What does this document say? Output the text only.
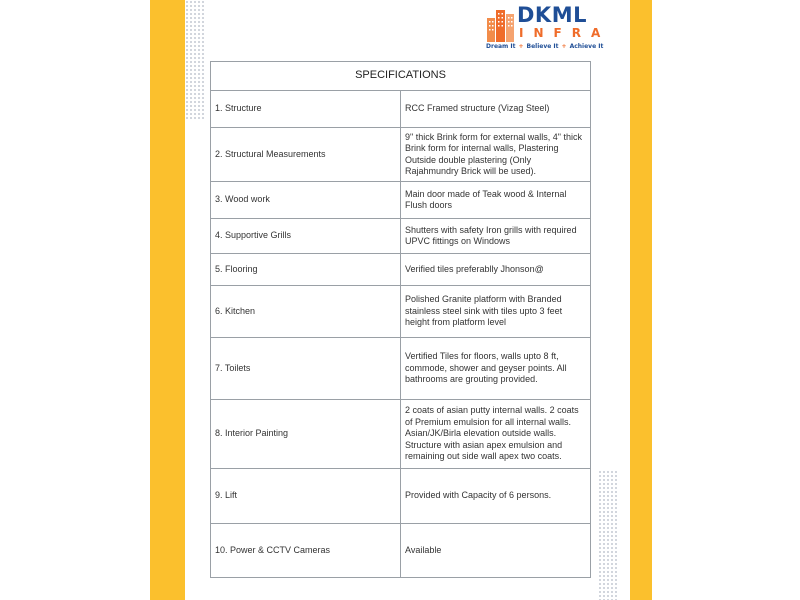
DKML
INFRA
Dream It + Believe It + Achieve It
SPECIFICATIONS	
1. Structure	RCC Framed structure (Vizag Steel)
2. Structural Measurements	9" thick Brink form for external walls, 4" thick Brink form for internal walls, Plastering Outside double plastering (Only Rajahmundry Brick will be used).
3. Wood work	Main door made of Teak wood & Internal Flush doors
4. Supportive Grills	Shutters with safety Iron grills with required UPVC fittings on Windows
5. Flooring	Verified tiles preferablly Jhonson@
6. Kitchen	Polished Granite platform with Branded stainless steel sink with tiles upto 3 feet height from platform level
7. Toilets	Vertified Tiles for floors, walls upto 8 ft, commode, shower and geyser points. All bathrooms are grouting provided.
8. Interior Painting	2 coats of asian putty internal walls. 2 coats of Premium emulsion for all internal walls. Asian/JK/Birla elevation outside walls. Structure with asian apex emulsion and remaining out side wall apex two coats.
9. Lift	Provided with Capacity of 6 persons.
10. Power & CCTV Cameras	Available
